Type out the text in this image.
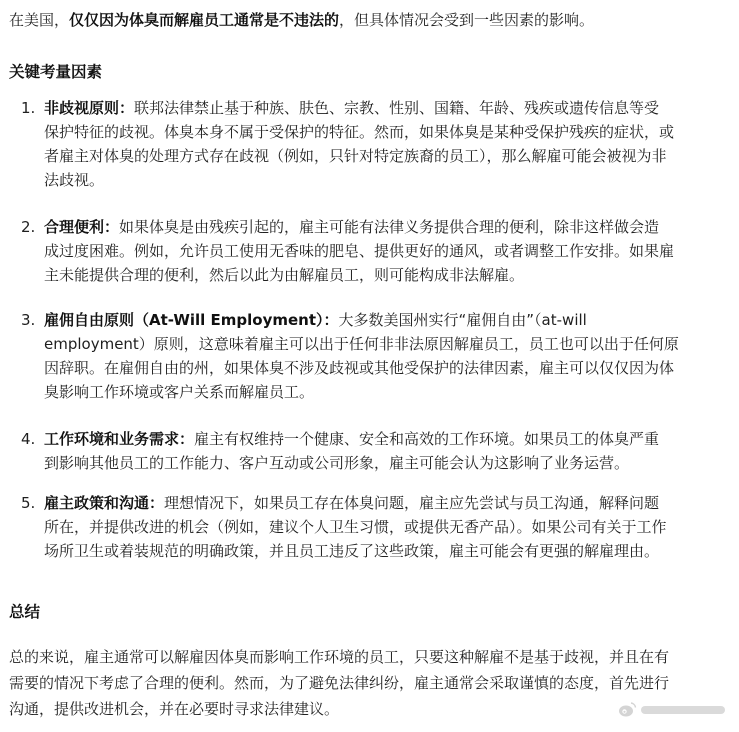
在美国，仅仅因为体臭而解雇员工通常是不违法的，但具体情况会受到一些因素的影响。

关键考量因素
1. 非歧视原则：联邦法律禁止基于种族、肤色、宗教、性别、国籍、年龄、残疾或遗传信息等受
保护特征的歧视。体臭本身不属于受保护的特征。然而，如果体臭是某种受保护残疾的症状，或
者雇主对体臭的处理方式存在歧视（例如，只针对特定族裔的员工），那么解雇可能会被视为非
法歧视。

2. 合理便利：如果体臭是由残疾引起的，雇主可能有法律义务提供合理的便利，除非这样做会造
成过度困难。例如，允许员工使用无香味的肥皂、提供更好的通风，或者调整工作安排。如果雇
主未能提供合理的便利，然后以此为由解雇员工，则可能构成非法解雇。

3. 雇佣自由原则（At-Will Employment）：大多数美国州实行“雇佣自由”（at-will
employment）原则，这意味着雇主可以出于任何非非法原因解雇员工，员工也可以出于任何原
因辞职。在雇佣自由的州，如果体臭不涉及歧视或其他受保护的法律因素，雇主可以仅仅因为体
臭影响工作环境或客户关系而解雇员工。

4. 工作环境和业务需求：雇主有权维持一个健康、安全和高效的工作环境。如果员工的体臭严重
到影响其他员工的工作能力、客户互动或公司形象，雇主可能会认为这影响了业务运营。

5. 雇主政策和沟通：理想情况下，如果员工存在体臭问题，雇主应先尝试与员工沟通，解释问题
所在，并提供改进的机会（例如，建议个人卫生习惯，或提供无香产品）。如果公司有关于工作
场所卫生或着装规范的明确政策，并且员工违反了这些政策，雇主可能会有更强的解雇理由。

总结

总的来说，雇主通常可以解雇因体臭而影响工作环境的员工，只要这种解雇不是基于歧视，并且在有
需要的情况下考虑了合理的便利。然而，为了避免法律纠纷，雇主通常会采取谨慎的态度，首先进行
沟通，提供改进机会，并在必要时寻求法律建议。
